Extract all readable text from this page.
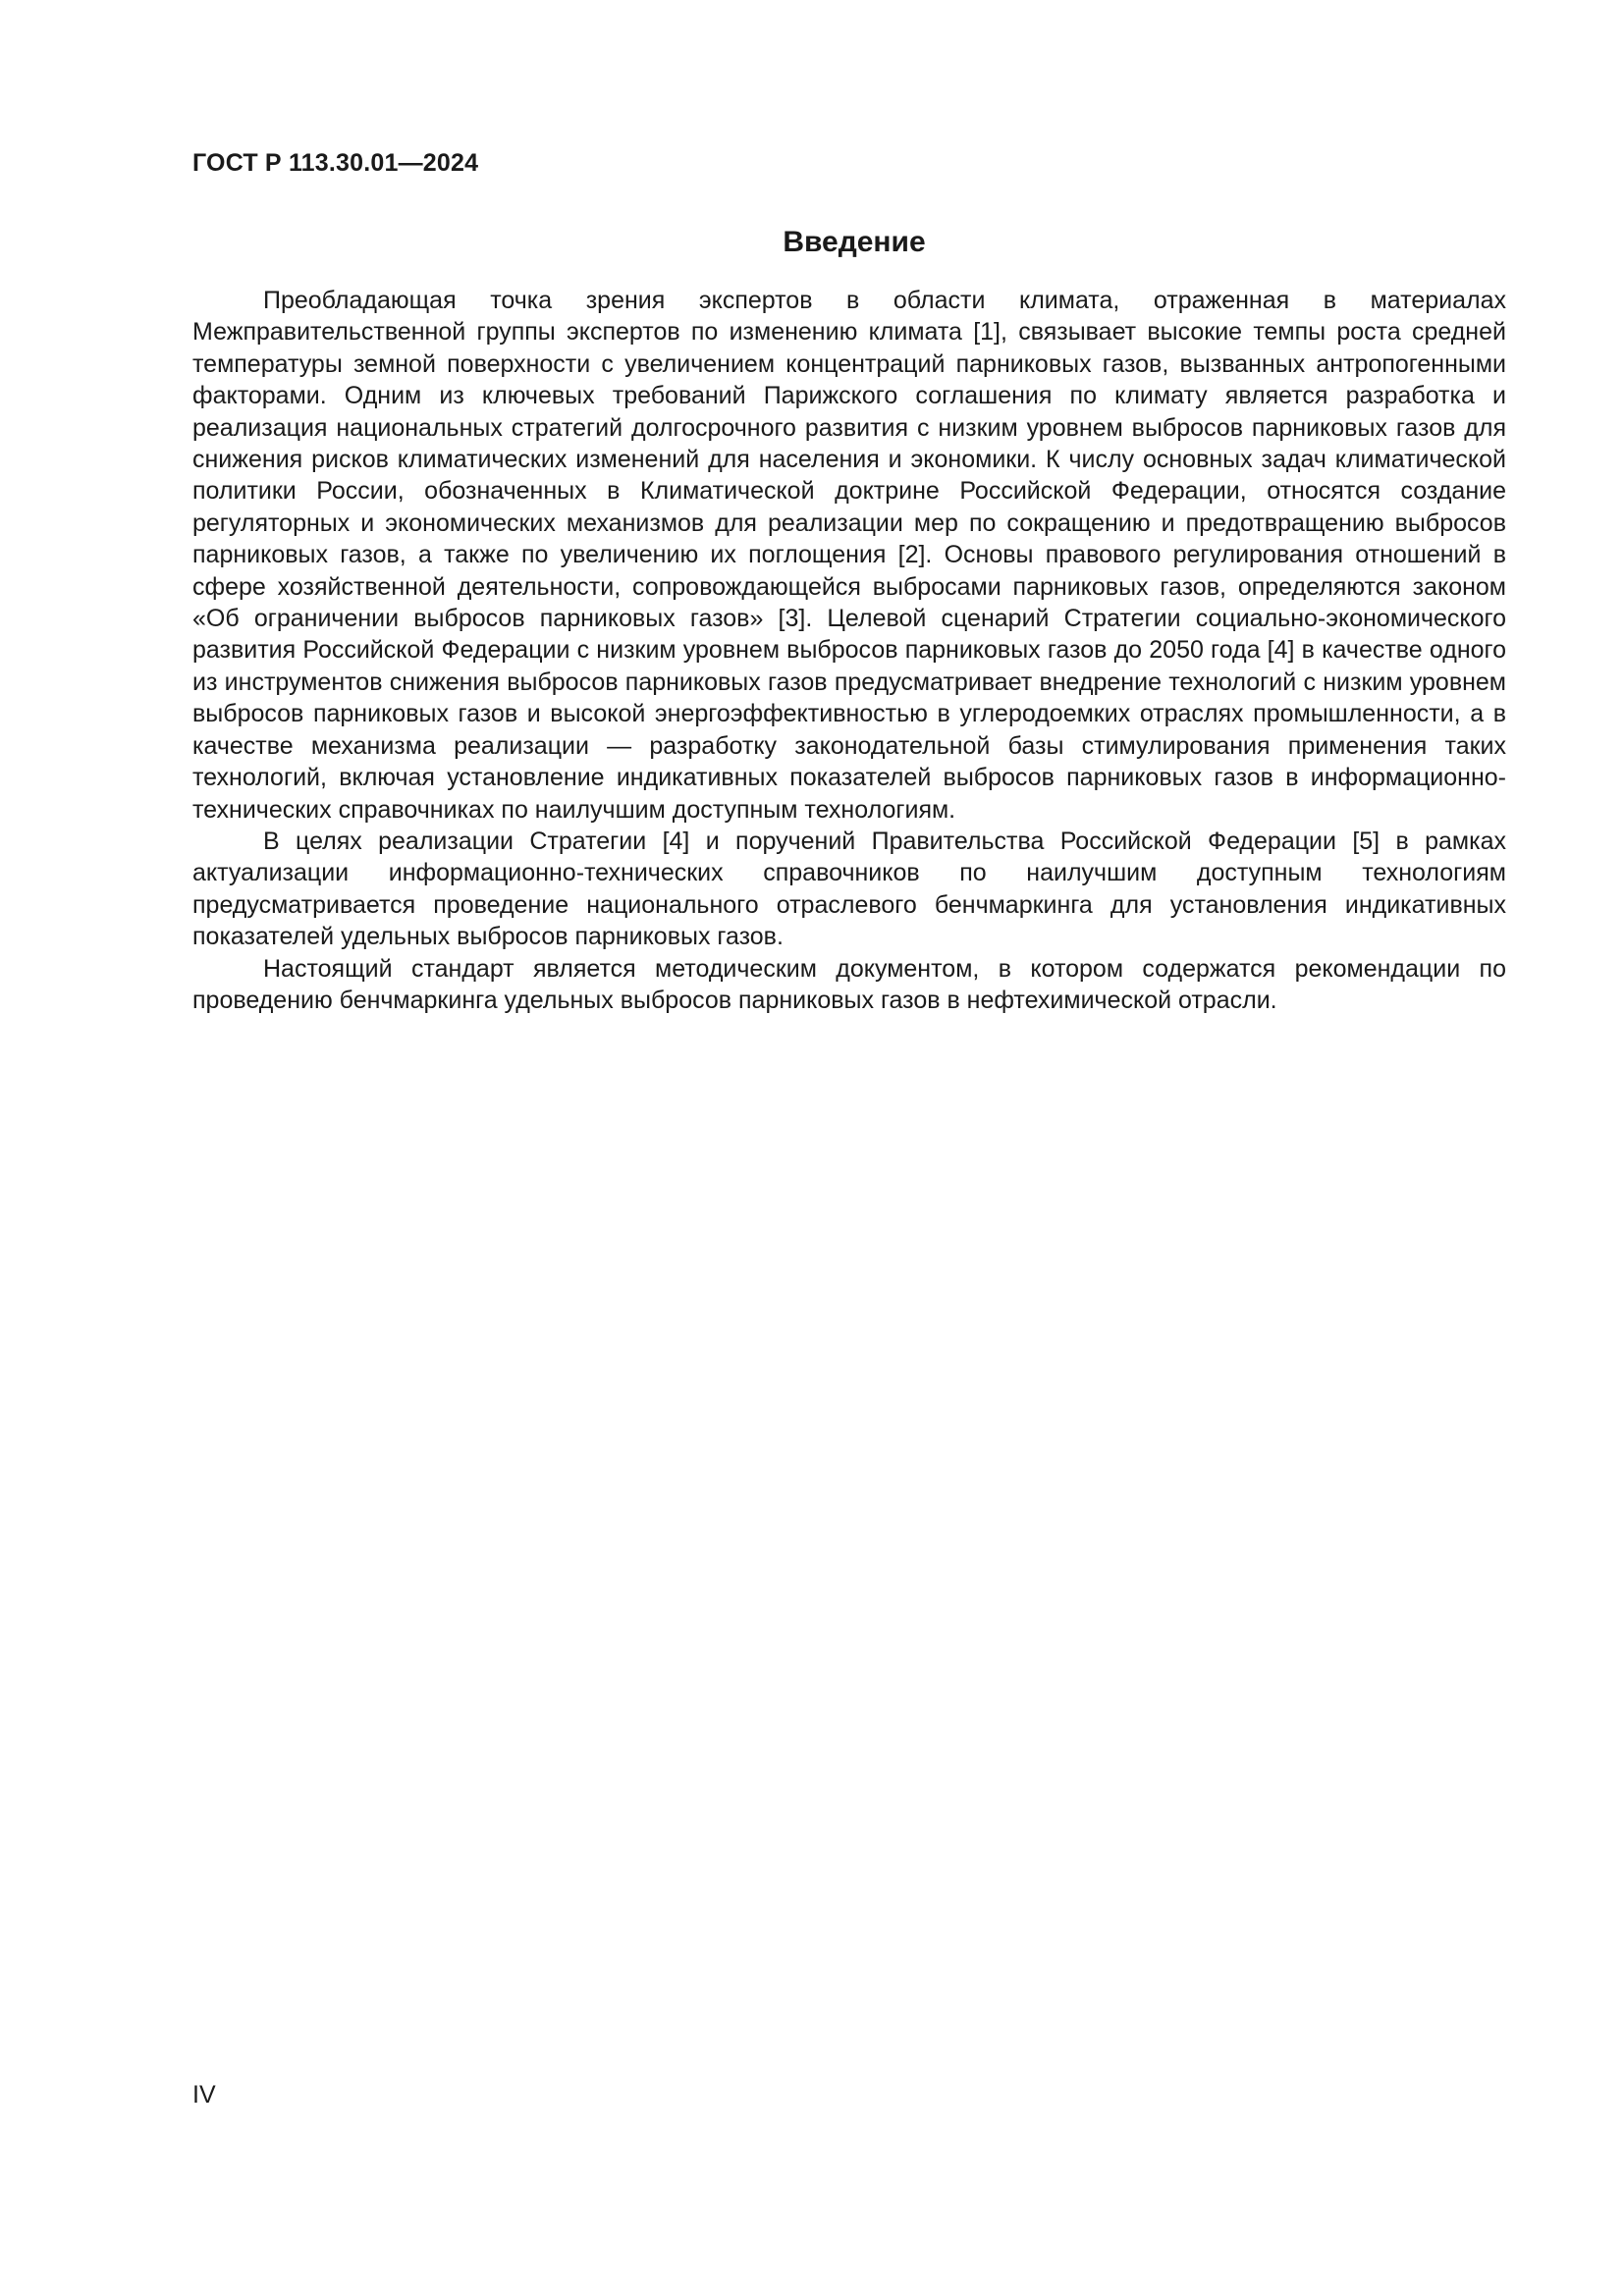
ГОСТ Р 113.30.01—2024
Введение

Преобладающая точка зрения экспертов в области климата, отраженная в материалах Межправительственной группы экспертов по изменению климата [1], связывает высокие темпы роста средней температуры земной поверхности с увеличением концентраций парниковых газов, вызванных антропогенными факторами. Одним из ключевых требований Парижского соглашения по климату является разработка и реализация национальных стратегий долгосрочного развития с низким уровнем выбросов парниковых газов для снижения рисков климатических изменений для населения и экономики. К числу основных задач климатической политики России, обозначенных в Климатической доктрине Российской Федерации, относятся создание регуляторных и экономических механизмов для реализации мер по сокращению и предотвращению выбросов парниковых газов, а также по увеличению их поглощения [2]. Основы правового регулирования отношений в сфере хозяйственной деятельности, сопровождающейся выбросами парниковых газов, определяются законом «Об ограничении выбросов парниковых газов» [3]. Целевой сценарий Стратегии социально-экономического развития Российской Федерации с низким уровнем выбросов парниковых газов до 2050 года [4] в качестве одного из инструментов снижения выбросов парниковых газов предусматривает внедрение технологий с низким уровнем выбросов парниковых газов и высокой энергоэффективностью в углеродоемких отраслях промышленности, а в качестве механизма реализации — разработку законодательной базы стимулирования применения таких технологий, включая установление индикативных показателей выбросов парниковых газов в информационно-технических справочниках по наилучшим доступным технологиям.

В целях реализации Стратегии [4] и поручений Правительства Российской Федерации [5] в рамках актуализации информационно-технических справочников по наилучшим доступным технологиям предусматривается проведение национального отраслевого бенчмаркинга для установления индикативных показателей удельных выбросов парниковых газов.

Настоящий стандарт является методическим документом, в котором содержатся рекомендации по проведению бенчмаркинга удельных выбросов парниковых газов в нефтехимической отрасли.

IV
